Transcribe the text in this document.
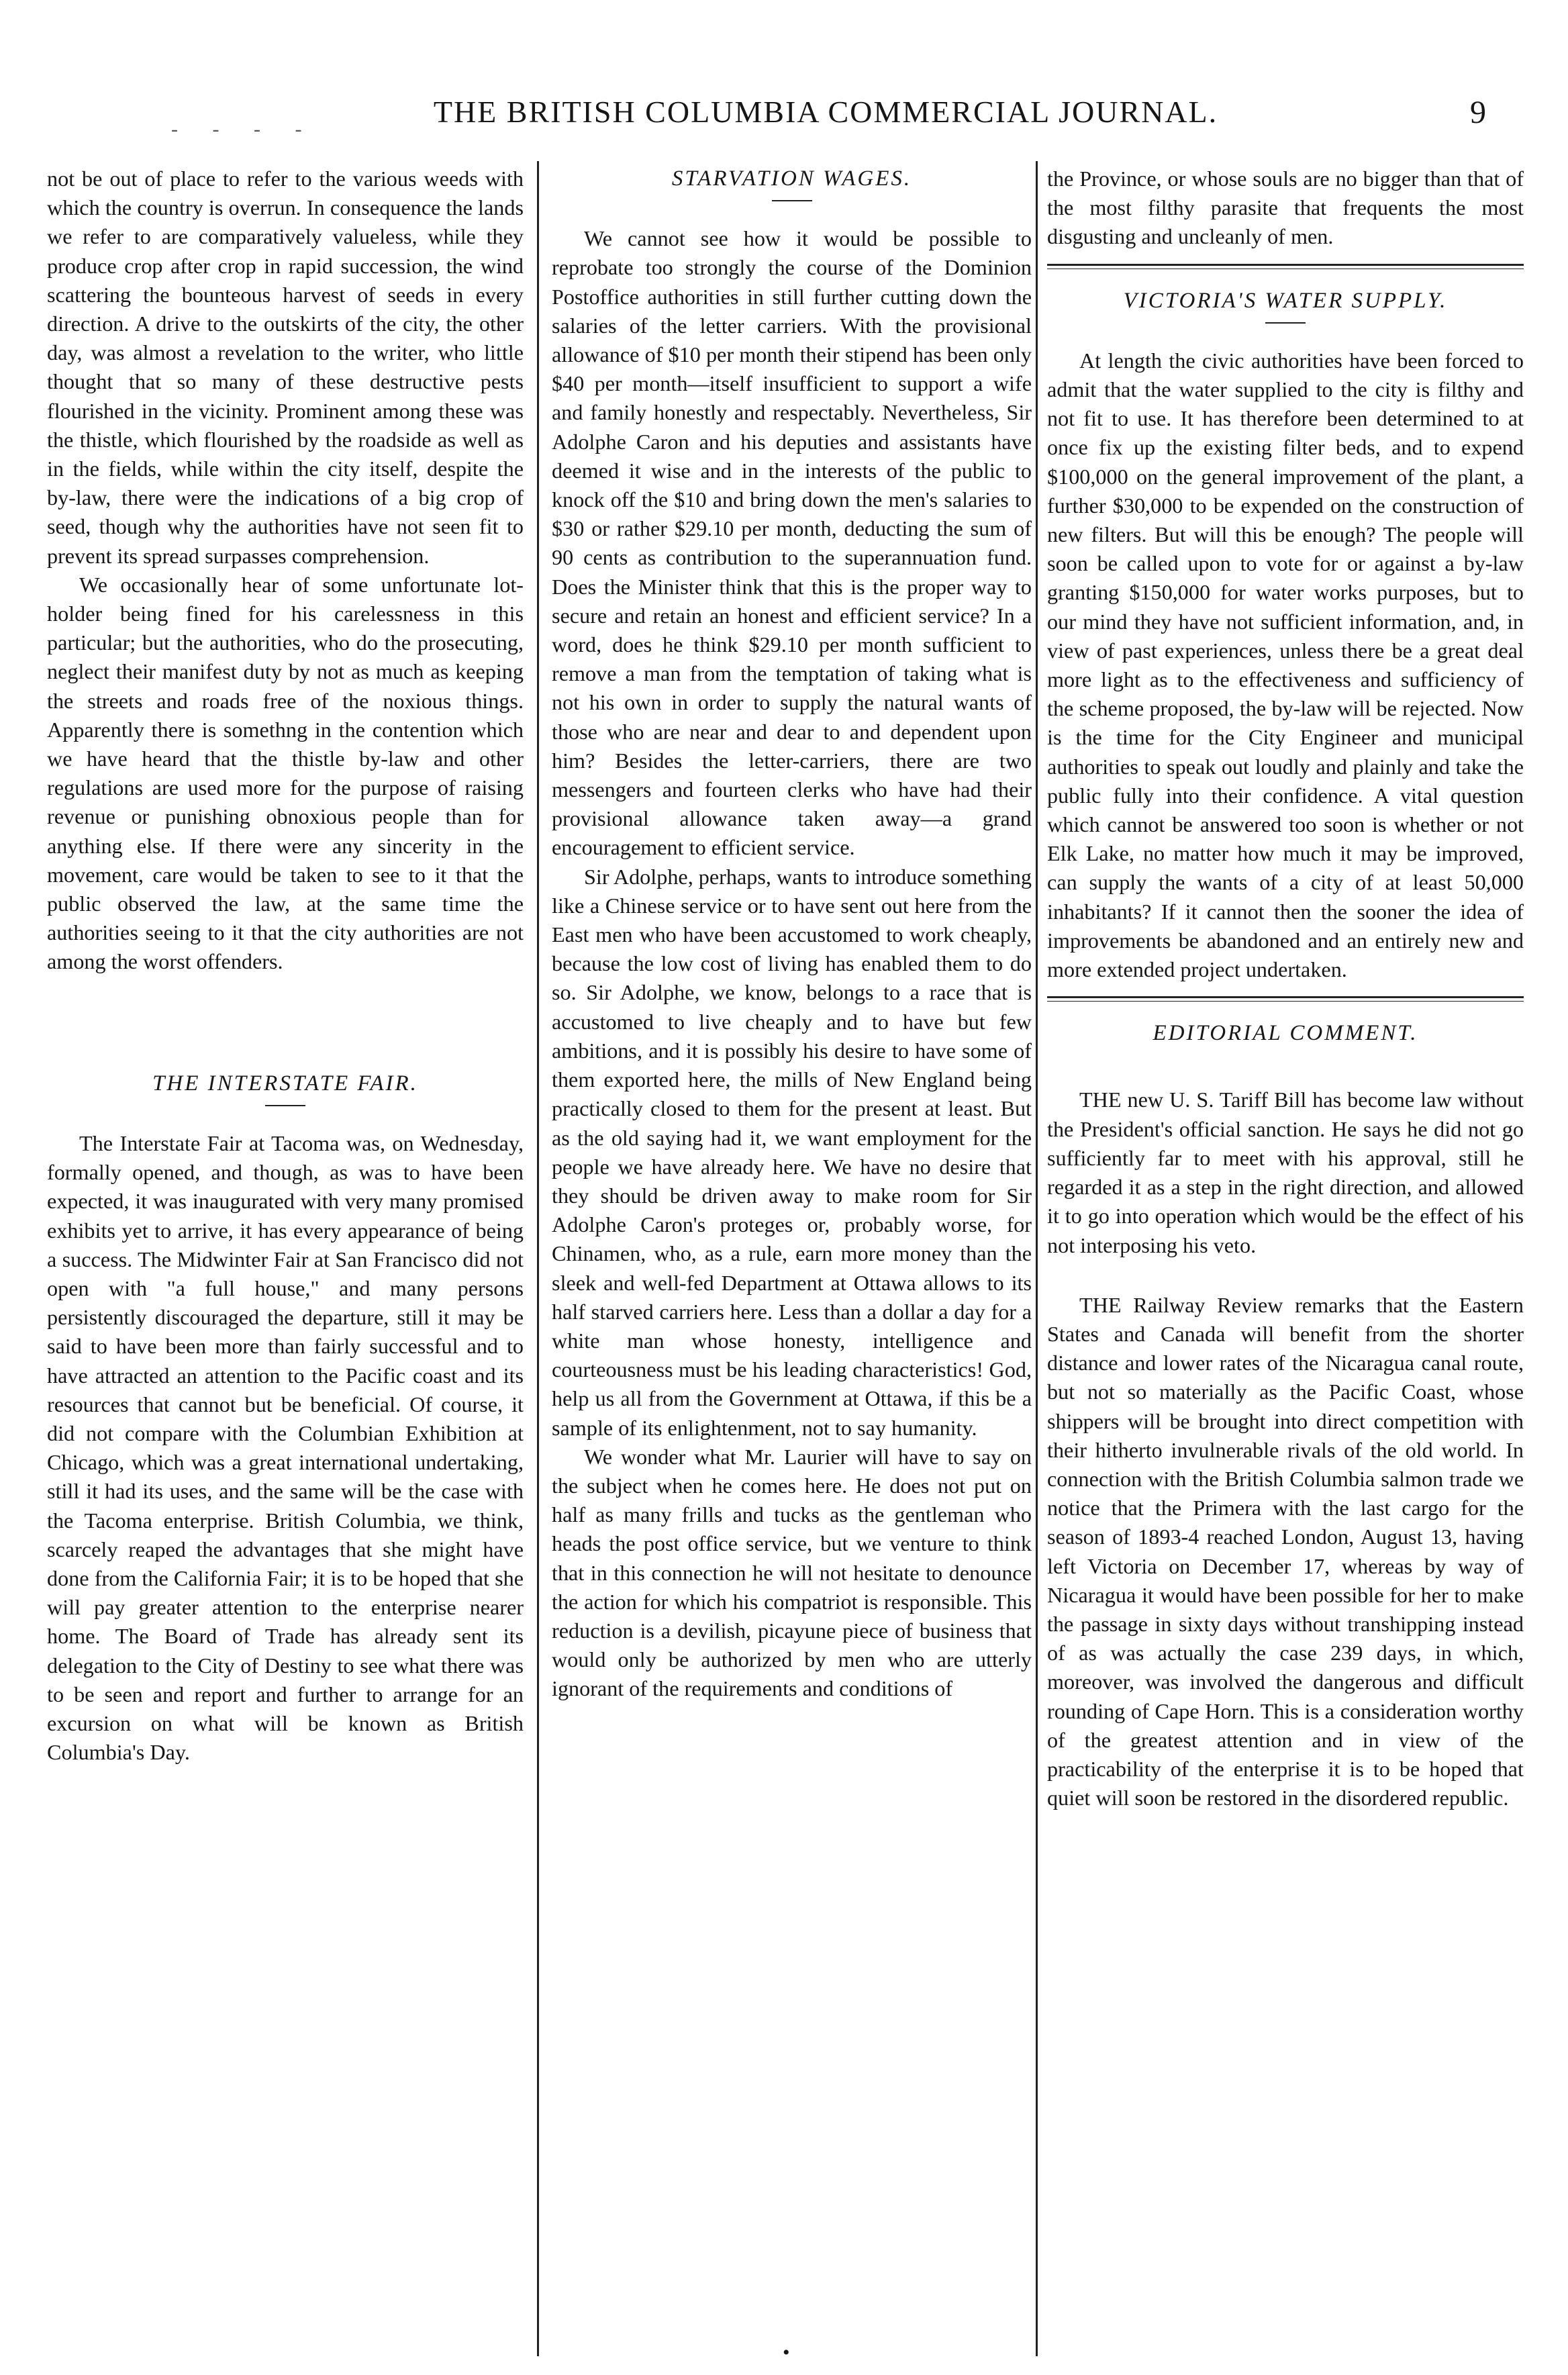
- - - -
THE BRITISH COLUMBIA COMMERCIAL JOURNAL.	9

not be out of place to refer to the various weeds with which the country is overrun. In consequence the lands we refer to are comparatively valueless, while they produce crop after crop in rapid succession, the wind scattering the bounteous harvest of seeds in every direction. A drive to the outskirts of the city, the other day, was almost a revelation to the writer, who little thought that so many of these destructive pests flourished in the vicinity. Prominent among these was the thistle, which flourished by the roadside as well as in the fields, while within the city itself, despite the by-law, there were the indications of a big crop of seed, though why the authorities have not seen fit to prevent its spread surpasses comprehension.

We occasionally hear of some unfortunate lot-holder being fined for his carelessness in this particular; but the authorities, who do the prosecuting, neglect their manifest duty by not as much as keeping the streets and roads free of the noxious things. Apparently there is somethng in the contention which we have heard that the thistle by-law and other regulations are used more for the purpose of raising revenue or punishing obnoxious people than for anything else. If there were any sincerity in the movement, care would be taken to see to it that the public observed the law, at the same time the authorities seeing to it that the city authorities are not among the worst offenders.

THE INTERSTATE FAIR.

The Interstate Fair at Tacoma was, on Wednesday, formally opened, and though, as was to have been expected, it was inaugurated with very many promised exhibits yet to arrive, it has every appearance of being a success. The Midwinter Fair at San Francisco did not open with "a full house," and many persons persistently discouraged the departure, still it may be said to have been more than fairly successful and to have attracted an attention to the Pacific coast and its resources that cannot but be beneficial. Of course, it did not compare with the Columbian Exhibition at Chicago, which was a great international undertaking, still it had its uses, and the same will be the case with the Tacoma enterprise. British Columbia, we think, scarcely reaped the advantages that she might have done from the California Fair; it is to be hoped that she will pay greater attention to the enterprise nearer home. The Board of Trade has already sent its delegation to the City of Destiny to see what there was to be seen and report and further to arrange for an excursion on what will be known as British Columbia's Day.

STARVATION WAGES.

We cannot see how it would be possible to reprobate too strongly the course of the Dominion Postoffice authorities in still further cutting down the salaries of the letter carriers. With the provisional allowance of $10 per month their stipend has been only $40 per month—itself insufficient to support a wife and family honestly and respectably. Nevertheless, Sir Adolphe Caron and his deputies and assistants have deemed it wise and in the interests of the public to knock off the $10 and bring down the men's salaries to $30 or rather $29.10 per month, deducting the sum of 90 cents as contribution to the superannuation fund. Does the Minister think that this is the proper way to secure and retain an honest and efficient service? In a word, does he think $29.10 per month sufficient to remove a man from the temptation of taking what is not his own in order to supply the natural wants of those who are near and dear to and dependent upon him? Besides the letter-carriers, there are two messengers and fourteen clerks who have had their provisional allowance taken away—a grand encouragement to efficient service.

Sir Adolphe, perhaps, wants to introduce something like a Chinese service or to have sent out here from the East men who have been accustomed to work cheaply, because the low cost of living has enabled them to do so. Sir Adolphe, we know, belongs to a race that is accustomed to live cheaply and to have but few ambitions, and it is possibly his desire to have some of them exported here, the mills of New England being practically closed to them for the present at least. But as the old saying had it, we want employment for the people we have already here. We have no desire that they should be driven away to make room for Sir Adolphe Caron's proteges or, probably worse, for Chinamen, who, as a rule, earn more money than the sleek and well-fed Department at Ottawa allows to its half starved carriers here. Less than a dollar a day for a white man whose honesty, intelligence and courteousness must be his leading characteristics! God, help us all from the Government at Ottawa, if this be a sample of its enlightenment, not to say humanity.

We wonder what Mr. Laurier will have to say on the subject when he comes here. He does not put on half as many frills and tucks as the gentleman who heads the post office service, but we venture to think that in this connection he will not hesitate to denounce the action for which his compatriot is responsible. This reduction is a devilish, picayune piece of business that would only be authorized by men who are utterly ignorant of the requirements and conditions of

the Province, or whose souls are no bigger than that of the most filthy parasite that frequents the most disgusting and uncleanly of men.

VICTORIA'S WATER SUPPLY.

At length the civic authorities have been forced to admit that the water supplied to the city is filthy and not fit to use. It has therefore been determined to at once fix up the existing filter beds, and to expend $100,000 on the general improvement of the plant, a further $30,000 to be expended on the construction of new filters. But will this be enough? The people will soon be called upon to vote for or against a by-law granting $150,000 for water works purposes, but to our mind they have not sufficient information, and, in view of past experiences, unless there be a great deal more light as to the effectiveness and sufficiency of the scheme proposed, the by-law will be rejected. Now is the time for the City Engineer and municipal authorities to speak out loudly and plainly and take the public fully into their confidence. A vital question which cannot be answered too soon is whether or not Elk Lake, no matter how much it may be improved, can supply the wants of a city of at least 50,000 inhabitants? If it cannot then the sooner the idea of improvements be abandoned and an entirely new and more extended project undertaken.

EDITORIAL COMMENT.

THE new U. S. Tariff Bill has become law without the President's official sanction. He says he did not go sufficiently far to meet with his approval, still he regarded it as a step in the right direction, and allowed it to go into operation which would be the effect of his not interposing his veto.

THE Railway Review remarks that the Eastern States and Canada will benefit from the shorter distance and lower rates of the Nicaragua canal route, but not so materially as the Pacific Coast, whose shippers will be brought into direct competition with their hitherto invulnerable rivals of the old world. In connection with the British Columbia salmon trade we notice that the Primera with the last cargo for the season of 1893-4 reached London, August 13, having left Victoria on December 17, whereas by way of Nicaragua it would have been possible for her to make the passage in sixty days without transhipping instead of as was actually the case 239 days, in which, moreover, was involved the dangerous and difficult rounding of Cape Horn. This is a consideration worthy of the greatest attention and in view of the practicability of the enterprise it is to be hoped that quiet will soon be restored in the disordered republic.

•
